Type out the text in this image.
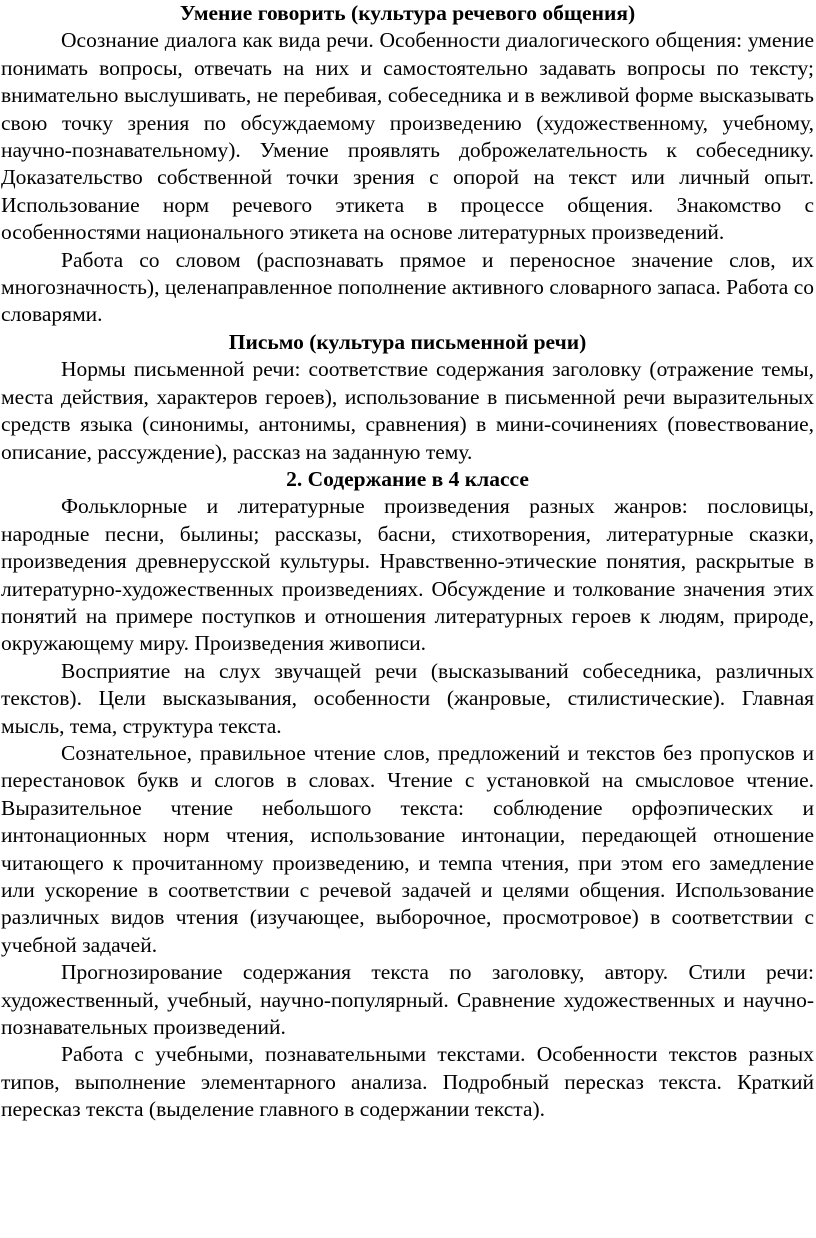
Умение говорить (культура речевого общения)

Осознание диалога как вида речи. Особенности диалогического общения: умение понимать вопросы, отвечать на них и самостоятельно задавать вопросы по тексту; внимательно выслушивать, не перебивая, собеседника и в вежливой форме высказывать свою точку зрения по обсуждаемому произведению (художественному, учебному, научно-познавательному). Умение проявлять доброжелательность к собеседнику. Доказательство собственной точки зрения с опорой на текст или личный опыт. Использование норм речевого этикета в процессе общения. Знакомство с особенностями национального этикета на основе литературных произведений.

Работа со словом (распознавать прямое и переносное значение слов, их многозначность), целенаправленное пополнение активного словарного запаса. Работа со словарями.

Письмо (культура письменной речи)

Нормы письменной речи: соответствие содержания заголовку (отражение темы, места действия, характеров героев), использование в письменной речи выразительных средств языка (синонимы, антонимы, сравнения) в мини-сочинениях (повествование, описание, рассуждение), рассказ на заданную тему.

2. Содержание в 4 классе

Фольклорные и литературные произведения разных жанров: пословицы, народные песни, былины; рассказы, басни, стихотворения, литературные сказки, произведения древнерусской культуры. Нравственно-этические понятия, раскрытые в литературно-художественных произведениях. Обсуждение и толкование значения этих понятий на примере поступков и отношения литературных героев к людям, природе, окружающему миру. Произведения живописи.

Восприятие на слух звучащей речи (высказываний собеседника, различных текстов). Цели высказывания, особенности (жанровые, стилистические). Главная мысль, тема, структура текста.

Сознательное, правильное чтение слов, предложений и текстов без пропусков и перестановок букв и слогов в словах. Чтение с установкой на смысловое чтение. Выразительное чтение небольшого текста: соблюдение орфоэпических и интонационных норм чтения, использование интонации, передающей отношение читающего к прочитанному произведению, и темпа чтения, при этом его замедление или ускорение в соответствии с речевой задачей и целями общения. Использование различных видов чтения (изучающее, выборочное, просмотровое) в соответствии с учебной задачей.

Прогнозирование содержания текста по заголовку, автору. Стили речи: художественный, учебный, научно-популярный. Сравнение художественных и научно-познавательных произведений.

Работа с учебными, познавательными текстами. Особенности текстов разных типов, выполнение элементарного анализа. Подробный пересказ текста. Краткий пересказ текста (выделение главного в содержании текста).
